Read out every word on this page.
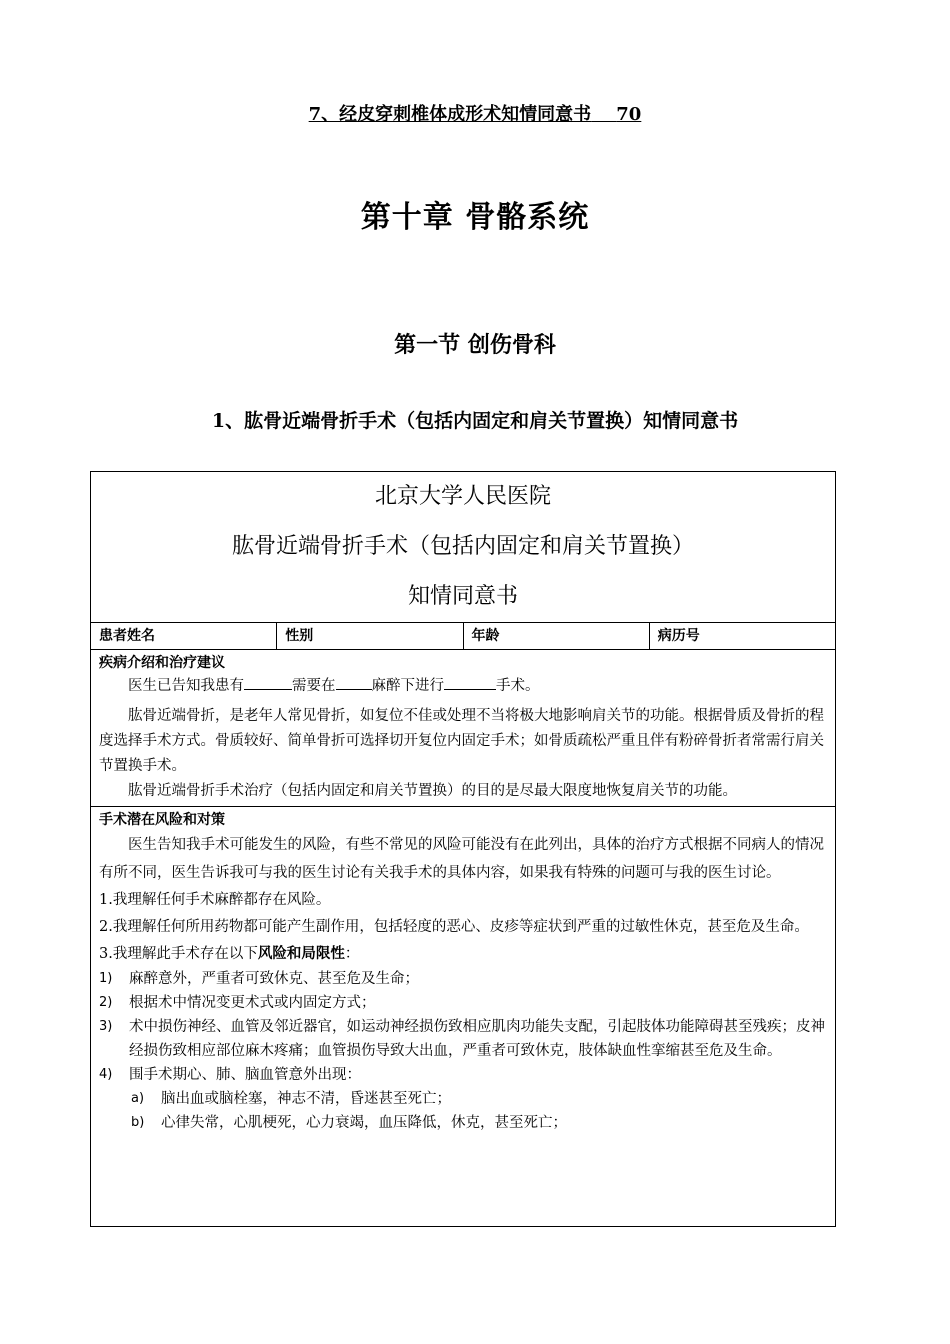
7、经皮穿刺椎体成形术知情同意书 70
第十章 骨骼系统
第一节 创伤骨科
1、肱骨近端骨折手术（包括内固定和肩关节置换）知情同意书
北京大学人民医院
肱骨近端骨折手术（包括内固定和肩关节置换）
知情同意书
患者姓名	性别	年龄	病历号
疾病介绍和治疗建议

医生已告知我患有	需要在 麻醉下进行	手术。

肱骨近端骨折，是老年人常见骨折，如复位不佳或处理不当将极大地影响肩关节的功能。根据骨质及骨折的程度选择手术方式。骨质较好、简单骨折可选择切开复位内固定手术；如骨质疏松严重且伴有粉碎骨折者常需行肩关节置换手术。

肱骨近端骨折手术治疗（包括内固定和肩关节置换）的目的是尽最大限度地恢复肩关节的功能。

手术潜在风险和对策

医生告知我手术可能发生的风险，有些不常见的风险可能没有在此列出，具体的治疗方式根据不同病人的情况有所不同，医生告诉我可与我的医生讨论有关我手术的具体内容，如果我有特殊的问题可与我的医生讨论。

1.我理解任何手术麻醉都存在风险。

2.我理解任何所用药物都可能产生副作用，包括轻度的恶心、皮疹等症状到严重的过敏性休克，甚至危及生命。

3.我理解此手术存在以下风险和局限性：

1)	麻醉意外，严重者可致休克、甚至危及生命；
2)	根据术中情况变更术式或内固定方式；
3)	术中损伤神经、血管及邻近器官，如运动神经损伤致相应肌肉功能失支配，引起肢体功能障碍甚至残疾；皮神经损伤致相应部位麻木疼痛；血管损伤导致大出血，严重者可致休克，肢体缺血性挛缩甚至危及生命。
4)	围手术期心、肺、脑血管意外出现：
a)	脑出血或脑栓塞，神志不清，昏迷甚至死亡；
b)	心律失常，心肌梗死，心力衰竭，血压降低，休克，甚至死亡；
